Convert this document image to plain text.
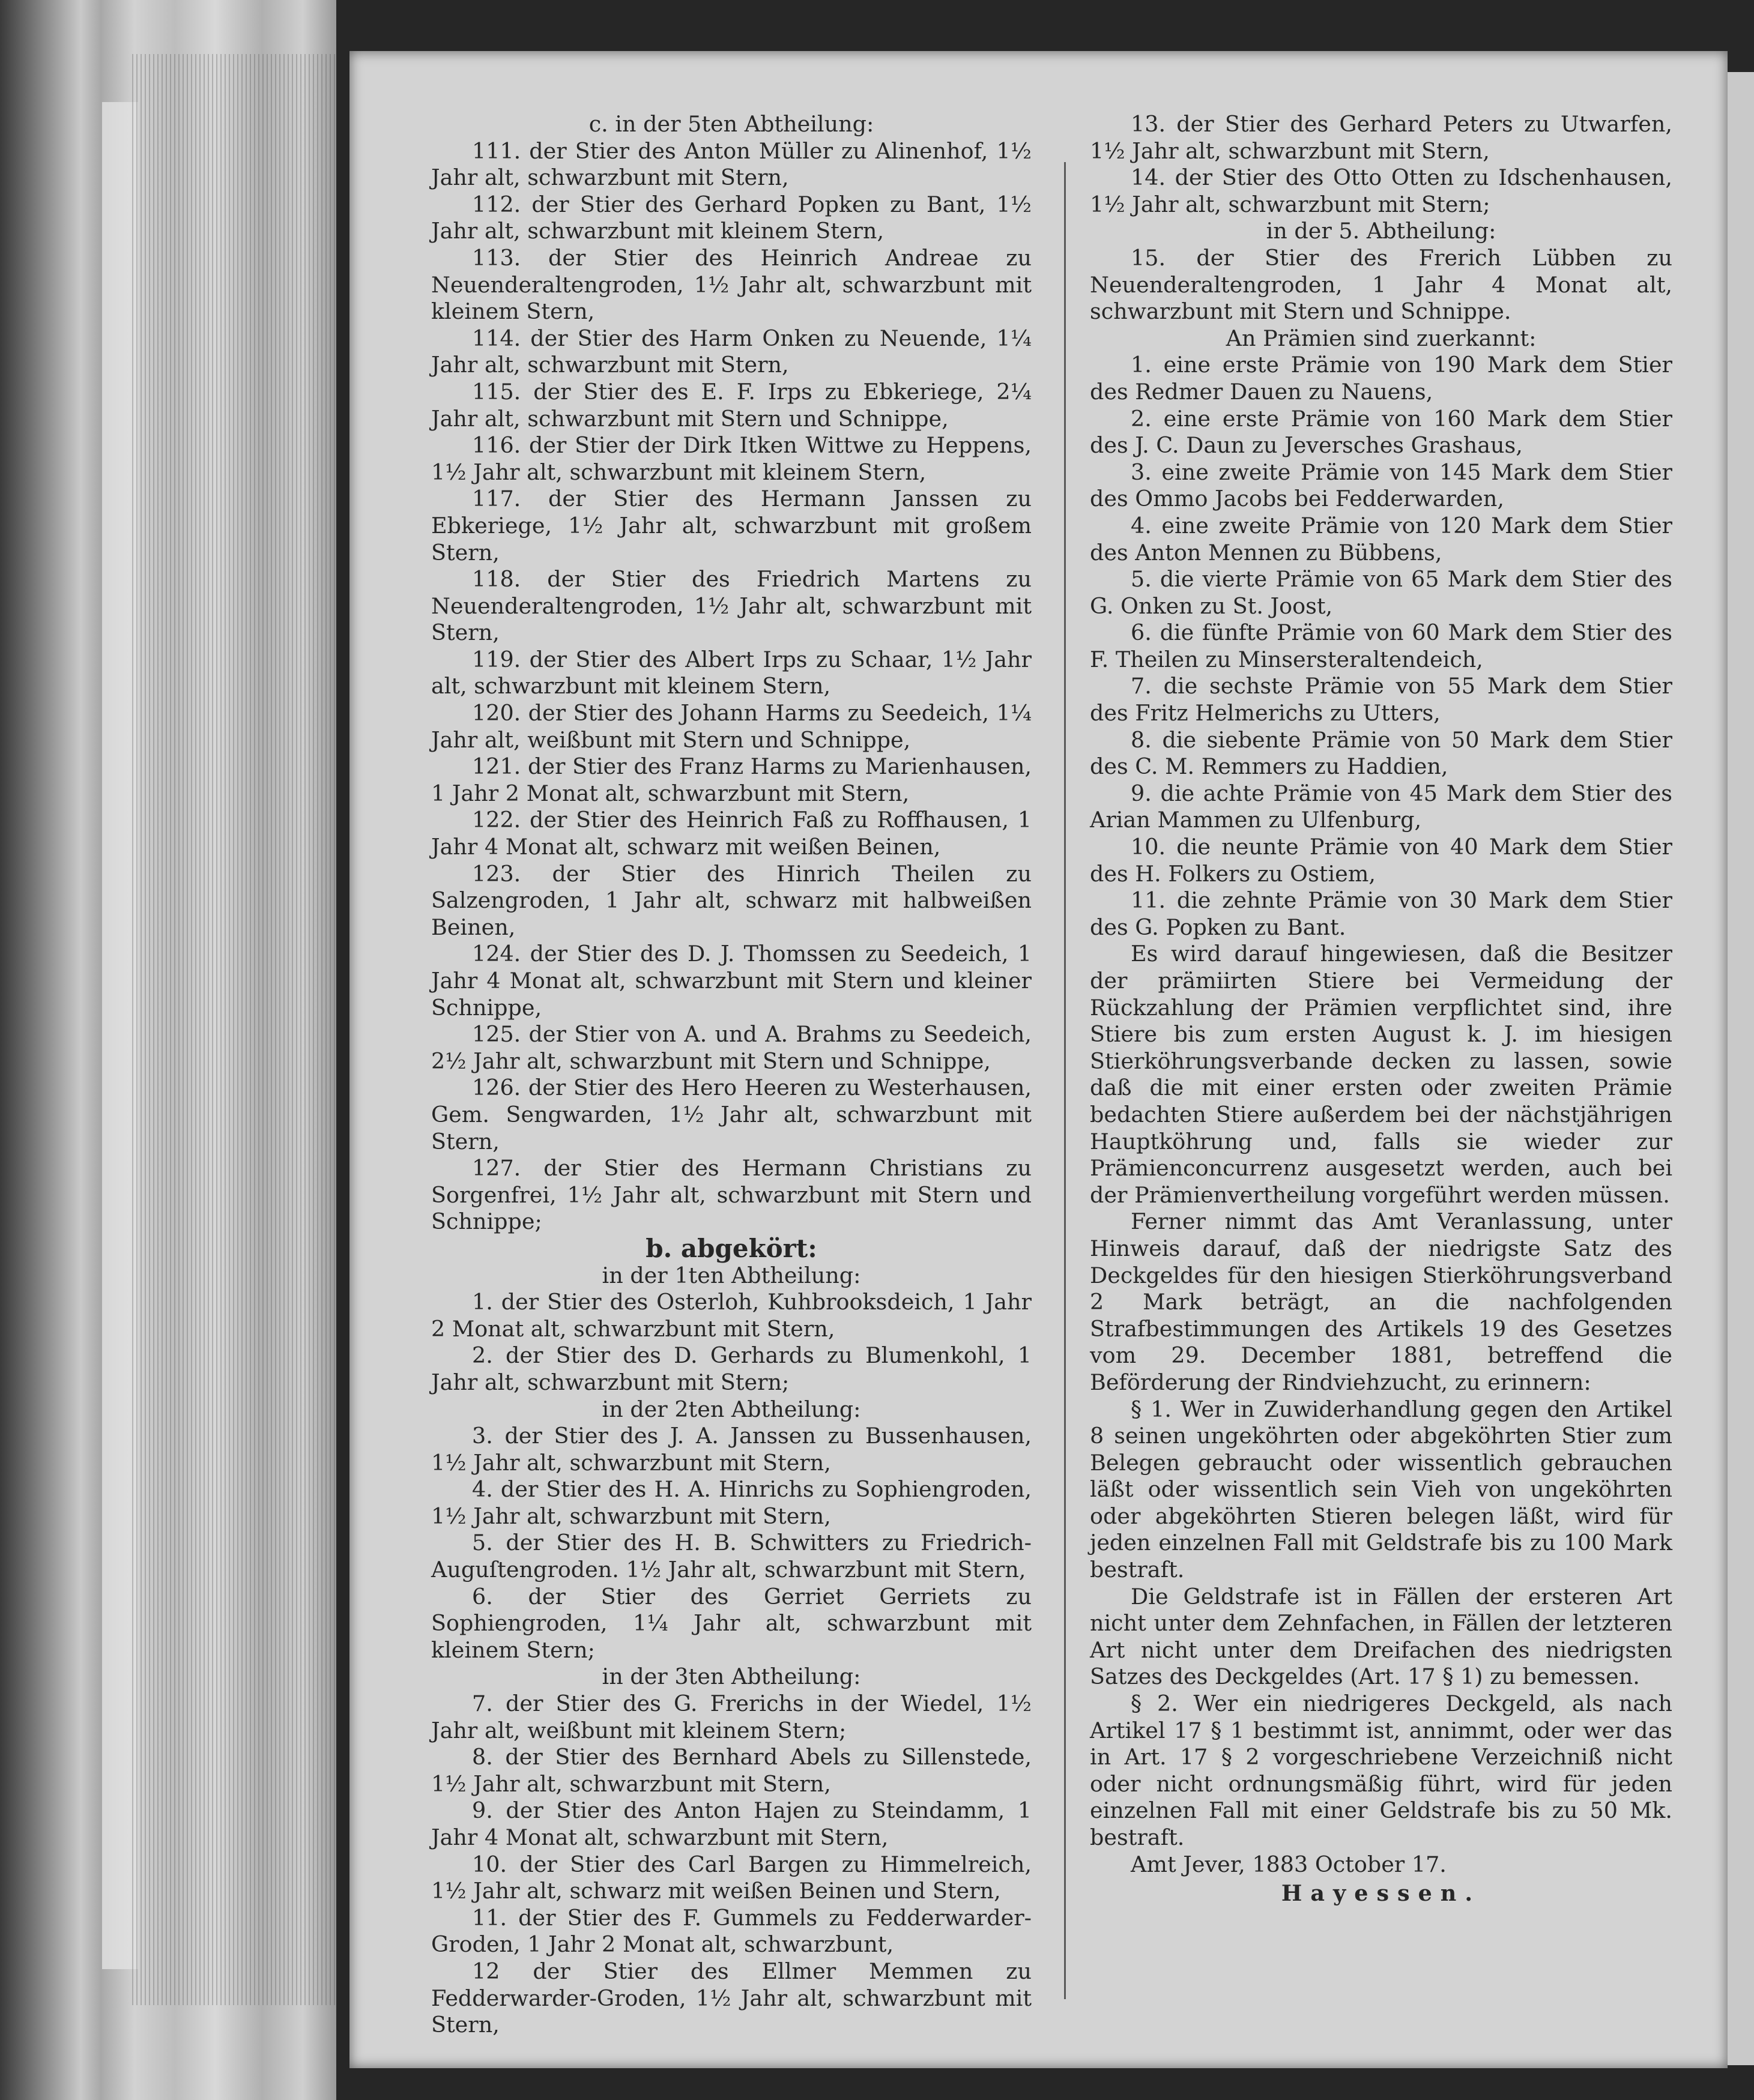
c. in der 5ten Abtheilung:

111. der Stier des Anton Müller zu Alinenhof, 1½ Jahr alt, schwarzbunt mit Stern,

112. der Stier des Gerhard Popken zu Bant, 1½ Jahr alt, schwarzbunt mit kleinem Stern,

113. der Stier des Heinrich Andreae zu Neuenderaltengroden, 1½ Jahr alt, schwarzbunt mit kleinem Stern,

114. der Stier des Harm Onken zu Neuende, 1¼ Jahr alt, schwarzbunt mit Stern,

115. der Stier des E. F. Irps zu Ebkeriege, 2¼ Jahr alt, schwarzbunt mit Stern und Schnippe,

116. der Stier der Dirk Itken Wittwe zu Heppens, 1½ Jahr alt, schwarzbunt mit kleinem Stern,

117. der Stier des Hermann Janssen zu Ebkeriege, 1½ Jahr alt, schwarzbunt mit großem Stern,

118. der Stier des Friedrich Martens zu Neuenderaltengroden, 1½ Jahr alt, schwarzbunt mit Stern,

119. der Stier des Albert Irps zu Schaar, 1½ Jahr alt, schwarzbunt mit kleinem Stern,

120. der Stier des Johann Harms zu Seedeich, 1¼ Jahr alt, weißbunt mit Stern und Schnippe,

121. der Stier des Franz Harms zu Marienhausen, 1 Jahr 2 Monat alt, schwarzbunt mit Stern,

122. der Stier des Heinrich Faß zu Roffhausen, 1 Jahr 4 Monat alt, schwarz mit weißen Beinen,

123. der Stier des Hinrich Theilen zu Salzengroden, 1 Jahr alt, schwarz mit halbweißen Beinen,

124. der Stier des D. J. Thomssen zu Seedeich, 1 Jahr 4 Monat alt, schwarzbunt mit Stern und kleiner Schnippe,

125. der Stier von A. und A. Brahms zu Seedeich, 2½ Jahr alt, schwarzbunt mit Stern und Schnippe,

126. der Stier des Hero Heeren zu Westerhausen, Gem. Sengwarden, 1½ Jahr alt, schwarzbunt mit Stern,

127. der Stier des Hermann Christians zu Sorgenfrei, 1½ Jahr alt, schwarzbunt mit Stern und Schnippe;

b. abgekört:

in der 1ten Abtheilung:

1. der Stier des Osterloh, Kuhbrooksdeich, 1 Jahr 2 Monat alt, schwarzbunt mit Stern,

2. der Stier des D. Gerhards zu Blumenkohl, 1 Jahr alt, schwarzbunt mit Stern;

in der 2ten Abtheilung:

3. der Stier des J. A. Janssen zu Bussenhausen, 1½ Jahr alt, schwarzbunt mit Stern,

4. der Stier des H. A. Hinrichs zu Sophiengroden, 1½ Jahr alt, schwarzbunt mit Stern,

5. der Stier des H. B. Schwitters zu Friedrich-Auguſtengroden. 1½ Jahr alt, schwarzbunt mit Stern,

6. der Stier des Gerriet Gerriets zu Sophiengroden, 1¼ Jahr alt, schwarzbunt mit kleinem Stern;

in der 3ten Abtheilung:

7. der Stier des G. Frerichs in der Wiedel, 1½ Jahr alt, weißbunt mit kleinem Stern;

8. der Stier des Bernhard Abels zu Sillenstede, 1½ Jahr alt, schwarzbunt mit Stern,

9. der Stier des Anton Hajen zu Steindamm, 1 Jahr 4 Monat alt, schwarzbunt mit Stern,

10. der Stier des Carl Bargen zu Himmelreich, 1½ Jahr alt, schwarz mit weißen Beinen und Stern,

11. der Stier des F. Gummels zu Fedderwarder-Groden, 1 Jahr 2 Monat alt, schwarzbunt,

12 der Stier des Ellmer Memmen zu Fedderwarder-Groden, 1½ Jahr alt, schwarzbunt mit Stern,

13. der Stier des Gerhard Peters zu Utwarfen, 1½ Jahr alt, schwarzbunt mit Stern,

14. der Stier des Otto Otten zu Idschenhausen, 1½ Jahr alt, schwarzbunt mit Stern;

in der 5. Abtheilung:

15. der Stier des Frerich Lübben zu Neuenderaltengroden, 1 Jahr 4 Monat alt, schwarzbunt mit Stern und Schnippe.

An Prämien sind zuerkannt:

1. eine erste Prämie von 190 Mark dem Stier des Redmer Dauen zu Nauens,

2. eine erste Prämie von 160 Mark dem Stier des J. C. Daun zu Jeversches Grashaus,

3. eine zweite Prämie von 145 Mark dem Stier des Ommo Jacobs bei Fedderwarden,

4. eine zweite Prämie von 120 Mark dem Stier des Anton Mennen zu Bübbens,

5. die vierte Prämie von 65 Mark dem Stier des G. Onken zu St. Joost,

6. die fünfte Prämie von 60 Mark dem Stier des F. Theilen zu Minsersteraltendeich,

7. die sechste Prämie von 55 Mark dem Stier des Fritz Helmerichs zu Utters,

8. die siebente Prämie von 50 Mark dem Stier des C. M. Remmers zu Haddien,

9. die achte Prämie von 45 Mark dem Stier des Arian Mammen zu Ulfenburg,

10. die neunte Prämie von 40 Mark dem Stier des H. Folkers zu Ostiem,

11. die zehnte Prämie von 30 Mark dem Stier des G. Popken zu Bant.

Es wird darauf hingewiesen, daß die Besitzer der prämiirten Stiere bei Vermeidung der Rückzahlung der Prämien verpflichtet sind, ihre Stiere bis zum ersten August k. J. im hiesigen Stierköhrungsverbande decken zu lassen, sowie daß die mit einer ersten oder zweiten Prämie bedachten Stiere außerdem bei der nächstjährigen Hauptköhrung und, falls sie wieder zur Prämienconcurrenz ausgesetzt werden, auch bei der Prämienvertheilung vorgeführt werden müssen.

Ferner nimmt das Amt Veranlassung, unter Hinweis darauf, daß der niedrigste Satz des Deckgeldes für den hiesigen Stierköhrungsverband 2 Mark beträgt, an die nachfolgenden Strafbestimmungen des Artikels 19 des Gesetzes vom 29. December 1881, betreffend die Beförderung der Rindviehzucht, zu erinnern:

§ 1. Wer in Zuwiderhandlung gegen den Artikel 8 seinen ungeköhrten oder abgeköhrten Stier zum Belegen gebraucht oder wissentlich gebrauchen läßt oder wissentlich sein Vieh von ungeköhrten oder abgeköhrten Stieren belegen läßt, wird für jeden einzelnen Fall mit Geldstrafe bis zu 100 Mark bestraft.

Die Geldstrafe ist in Fällen der ersteren Art nicht unter dem Zehnfachen, in Fällen der letzteren Art nicht unter dem Dreifachen des niedrigsten Satzes des Deckgeldes (Art. 17 § 1) zu bemessen.

§ 2. Wer ein niedrigeres Deckgeld, als nach Artikel 17 § 1 bestimmt ist, annimmt, oder wer das in Art. 17 § 2 vorgeschriebene Verzeichniß nicht oder nicht ordnungsmäßig führt, wird für jeden einzelnen Fall mit einer Geldstrafe bis zu 50 Mk. bestraft.

Amt Jever, 1883 October 17.

Hayessen.
